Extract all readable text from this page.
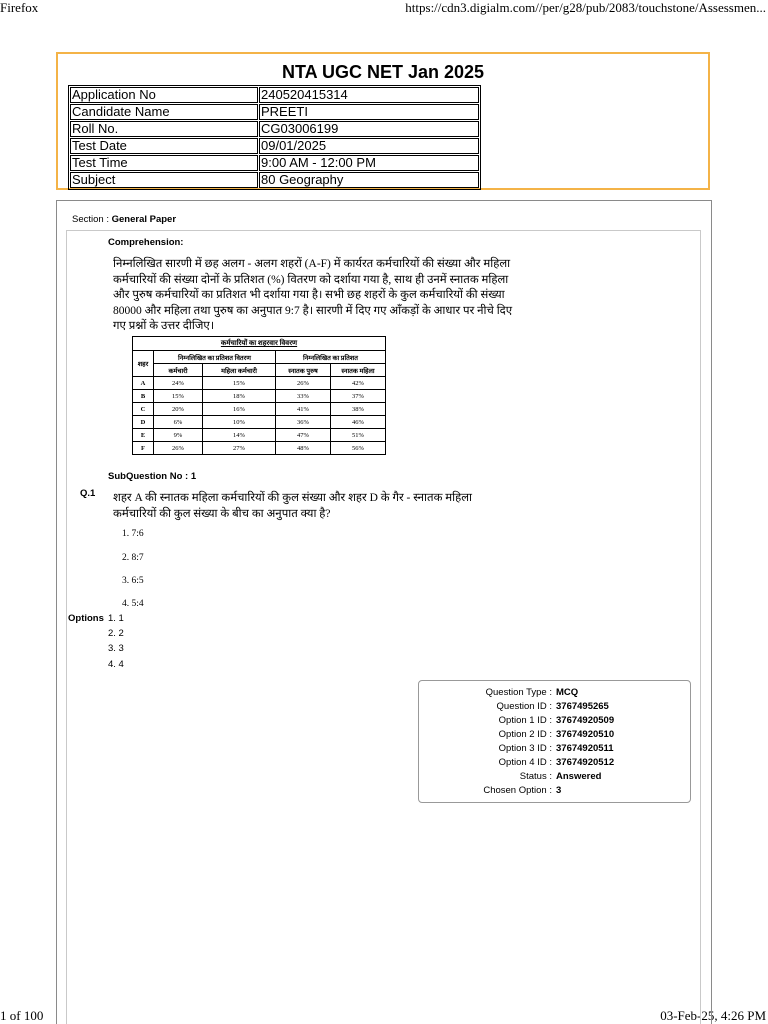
Firefox	https://cdn3.digialm.com//per/g28/pub/2083/touchstone/Assessmen...
1 of 100	03-Feb-25, 4:26 PM
NTA UGC NET Jan 2025
Application No	240520415314
Candidate Name	PREETI
Roll No.	CG03006199
Test Date	09/01/2025
Test Time	9:00 AM - 12:00 PM
Subject	80 Geography
Section : General Paper
Comprehension:
निम्नलिखित सारणी में छह अलग - अलग शहरों (A-F) में कार्यरत कर्मचारियों की संख्या और महिला कर्मचारियों की संख्या दोनों के प्रतिशत (%) वितरण को दर्शाया गया है, साथ ही उनमें स्नातक महिला और पुरुष कर्मचारियों का प्रतिशत भी दर्शाया गया है। सभी छह शहरों के कुल कर्मचारियों की संख्या 80000 और महिला तथा पुरुष का अनुपात 9:7 है। सारणी में दिए गए आँकड़ों के आधार पर नीचे दिए गए प्रश्नों के उत्तर दीजिए।
कर्मचारियों का शहरवार विवरण				
शहर	निम्नलिखित का प्रतिशत वितरण		निम्नलिखित का प्रतिशत	
	कर्मचारी	महिला कर्मचारी	स्नातक पुरुष	स्नातक महिला
A	24%	15%	26%	42%
B	15%	18%	33%	37%
C	20%	16%	41%	38%
D	6%	10%	36%	46%
E	9%	14%	47%	51%
F	26%	27%	48%	56%
SubQuestion No : 1
Q.1 शहर A की स्नातक महिला कर्मचारियों की कुल संख्या और शहर D के गैर - स्नातक महिला कर्मचारियों की कुल संख्या के बीच का अनुपात क्या है?
1. 7:6
2. 8:7
3. 6:5
4. 5:4
Options 1. 1
2. 2
3. 3
4. 4
Question Type : MCQ
Question ID : 3767495265
Option 1 ID : 37674920509
Option 2 ID : 37674920510
Option 3 ID : 37674920511
Option 4 ID : 37674920512
Status : Answered
Chosen Option : 3
